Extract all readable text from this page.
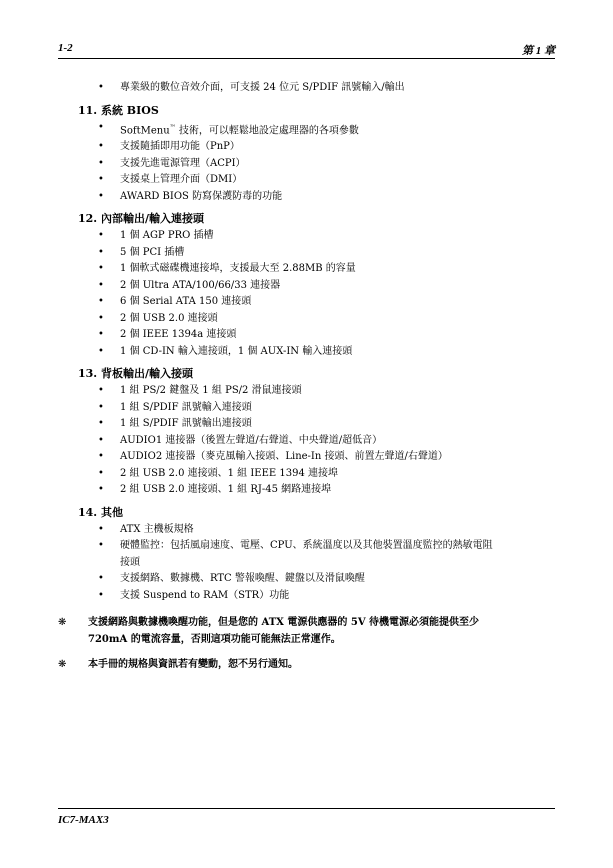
1-2	第 1 章
• 專業級的數位音效介面，可支援 24 位元 S/PDIF 訊號輸入/輸出
11. 系統 BIOS
• SoftMenu™ 技術，可以輕鬆地設定處理器的各項參數
• 支援隨插即用功能（PnP）
• 支援先進電源管理（ACPI）
• 支援桌上管理介面（DMI）
• AWARD BIOS 防寫保護防毒的功能
12. 內部輸出/輸入連接頭
• 1 個 AGP PRO 插槽
• 5 個 PCI 插槽
• 1 個軟式磁碟機連接埠，支援最大至 2.88MB 的容量
• 2 個 Ultra ATA/100/66/33 連接器
• 6 個 Serial ATA 150 連接頭
• 2 個 USB 2.0 連接頭
• 2 個 IEEE 1394a 連接頭
• 1 個 CD-IN 輸入連接頭，1 個 AUX-IN 輸入連接頭
13. 背板輸出/輸入接頭
• 1 組 PS/2 鍵盤及 1 組 PS/2 滑鼠連接頭
• 1 組 S/PDIF 訊號輸入連接頭
• 1 組 S/PDIF 訊號輸出連接頭
• AUDIO1 連接器（後置左聲道/右聲道、中央聲道/超低音）
• AUDIO2 連接器（麥克風輸入接頭、Line-In 接頭、前置左聲道/右聲道）
• 2 組 USB 2.0 連接頭、1 組 IEEE 1394 連接埠
• 2 組 USB 2.0 連接頭、1 組 RJ-45 網路連接埠
14. 其他
• ATX 主機板規格
• 硬體監控：包括風扇速度、電壓、CPU、系統溫度以及其他裝置溫度監控的熱敏電阻
接頭
• 支援網路、數據機、RTC 警報喚醒、鍵盤以及滑鼠喚醒
• 支援 Suspend to RAM（STR）功能
❋ 支援網路與數據機喚醒功能，但是您的 ATX 電源供應器的 5V 待機電源必須能提供至少
720mA 的電流容量，否則這項功能可能無法正常運作。
❋ 本手冊的規格與資訊若有變動，恕不另行通知。
IC7-MAX3
